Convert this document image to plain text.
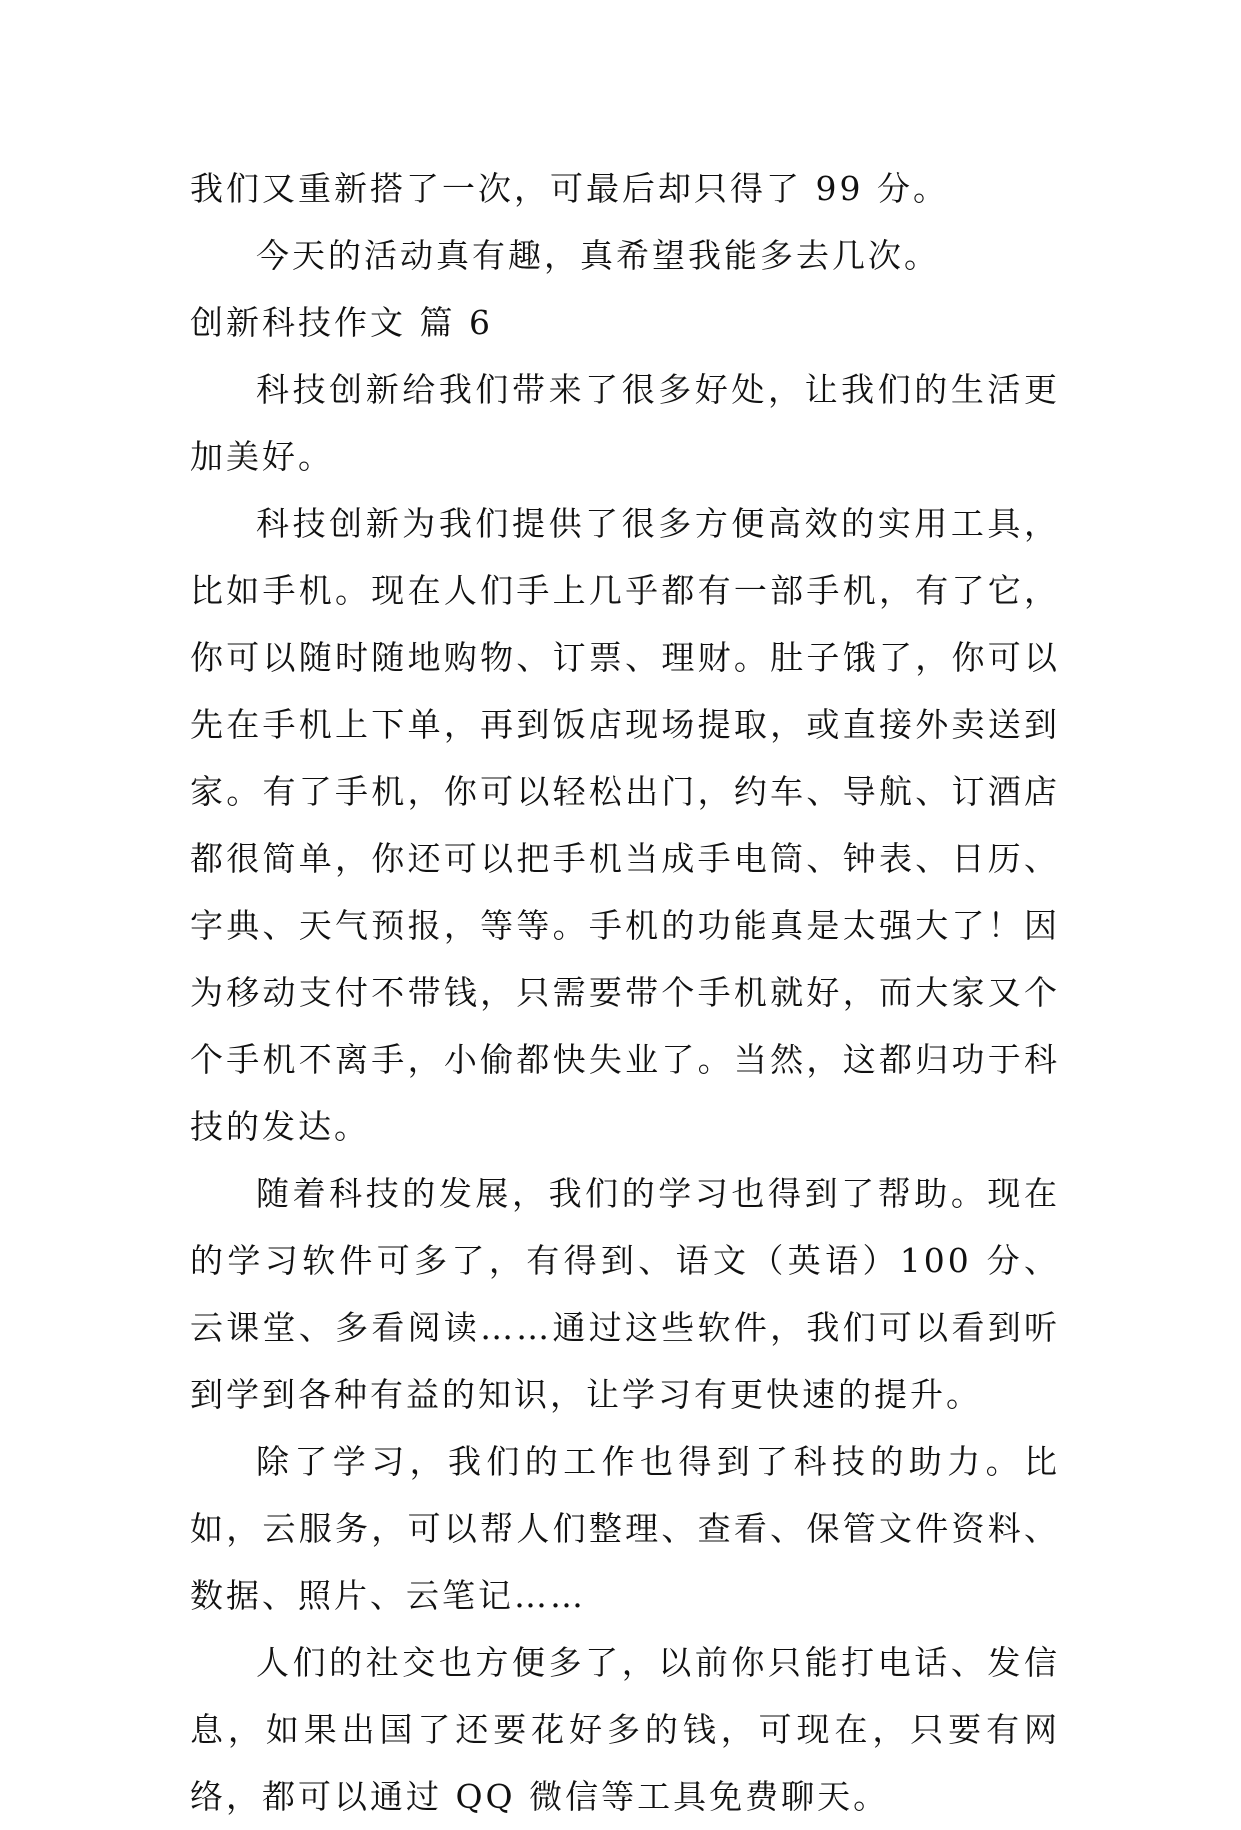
我们又重新搭了一次，可最后却只得了 99 分。

今天的活动真有趣，真希望我能多去几次。

创新科技作文 篇 6

科技创新给我们带来了很多好处，让我们的生活更加美好。

科技创新为我们提供了很多方便高效的实用工具，比如手机。现在人们手上几乎都有一部手机，有了它，你可以随时随地购物、订票、理财。肚子饿了，你可以先在手机上下单，再到饭店现场提取，或直接外卖送到家。有了手机，你可以轻松出门，约车、导航、订酒店都很简单，你还可以把手机当成手电筒、钟表、日历、字典、天气预报，等等。手机的功能真是太强大了！因为移动支付不带钱，只需要带个手机就好，而大家又个个手机不离手，小偷都快失业了。当然，这都归功于科技的发达。

随着科技的发展，我们的学习也得到了帮助。现在的学习软件可多了，有得到、语文（英语）100 分、云课堂、多看阅读……通过这些软件，我们可以看到听到学到各种有益的知识，让学习有更快速的提升。

除了学习，我们的工作也得到了科技的助力。比如，云服务，可以帮人们整理、查看、保管文件资料、数据、照片、云笔记……

人们的社交也方便多了，以前你只能打电话、发信息，如果出国了还要花好多的钱，可现在，只要有网络，都可以通过 QQ 微信等工具免费聊天。
